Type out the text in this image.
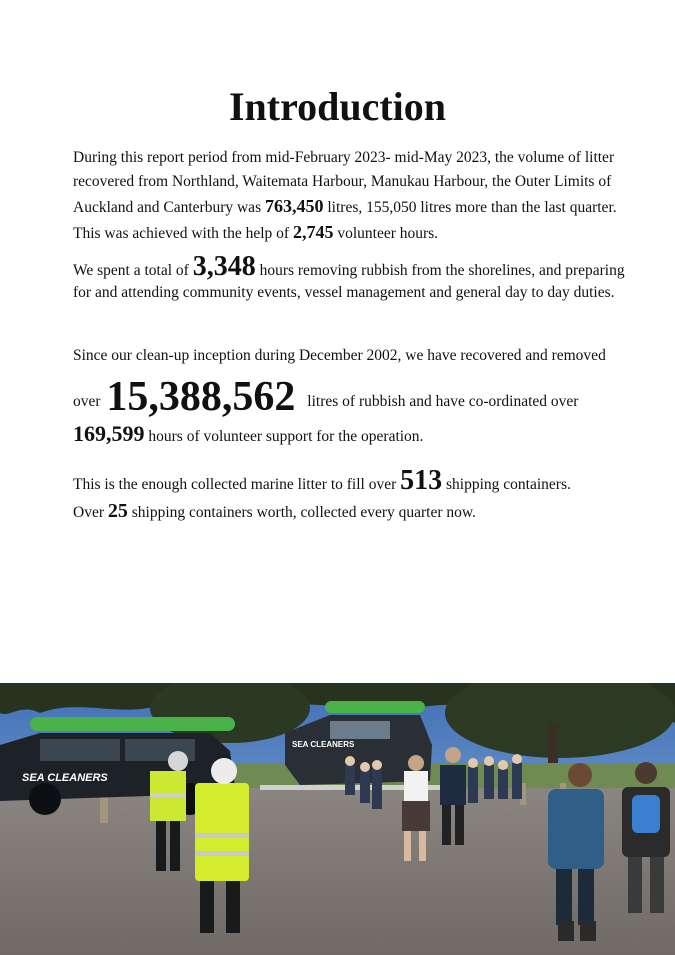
Introduction
During this report period from mid-February 2023- mid-May 2023, the volume of litter recovered from Northland, Waitemata Harbour, Manukau Harbour, the Outer Limits of Auckland and Canterbury was 763,450 litres, 155,050 litres more than the last quarter. This was achieved with the help of 2,745 volunteer hours.
We spent a total of 3,348 hours removing rubbish from the shorelines, and preparing for and attending community events, vessel management and general day to day duties.
Since our clean-up inception during December 2002, we have recovered and removed
over 15,388,562 litres of rubbish and have co-ordinated over
169,599 hours of volunteer support for the operation.
This is the enough collected marine litter to fill over 513 shipping containers.
Over 25 shipping containers worth, collected every quarter now.
SEA CLEANERS
SEA CLEANERS
